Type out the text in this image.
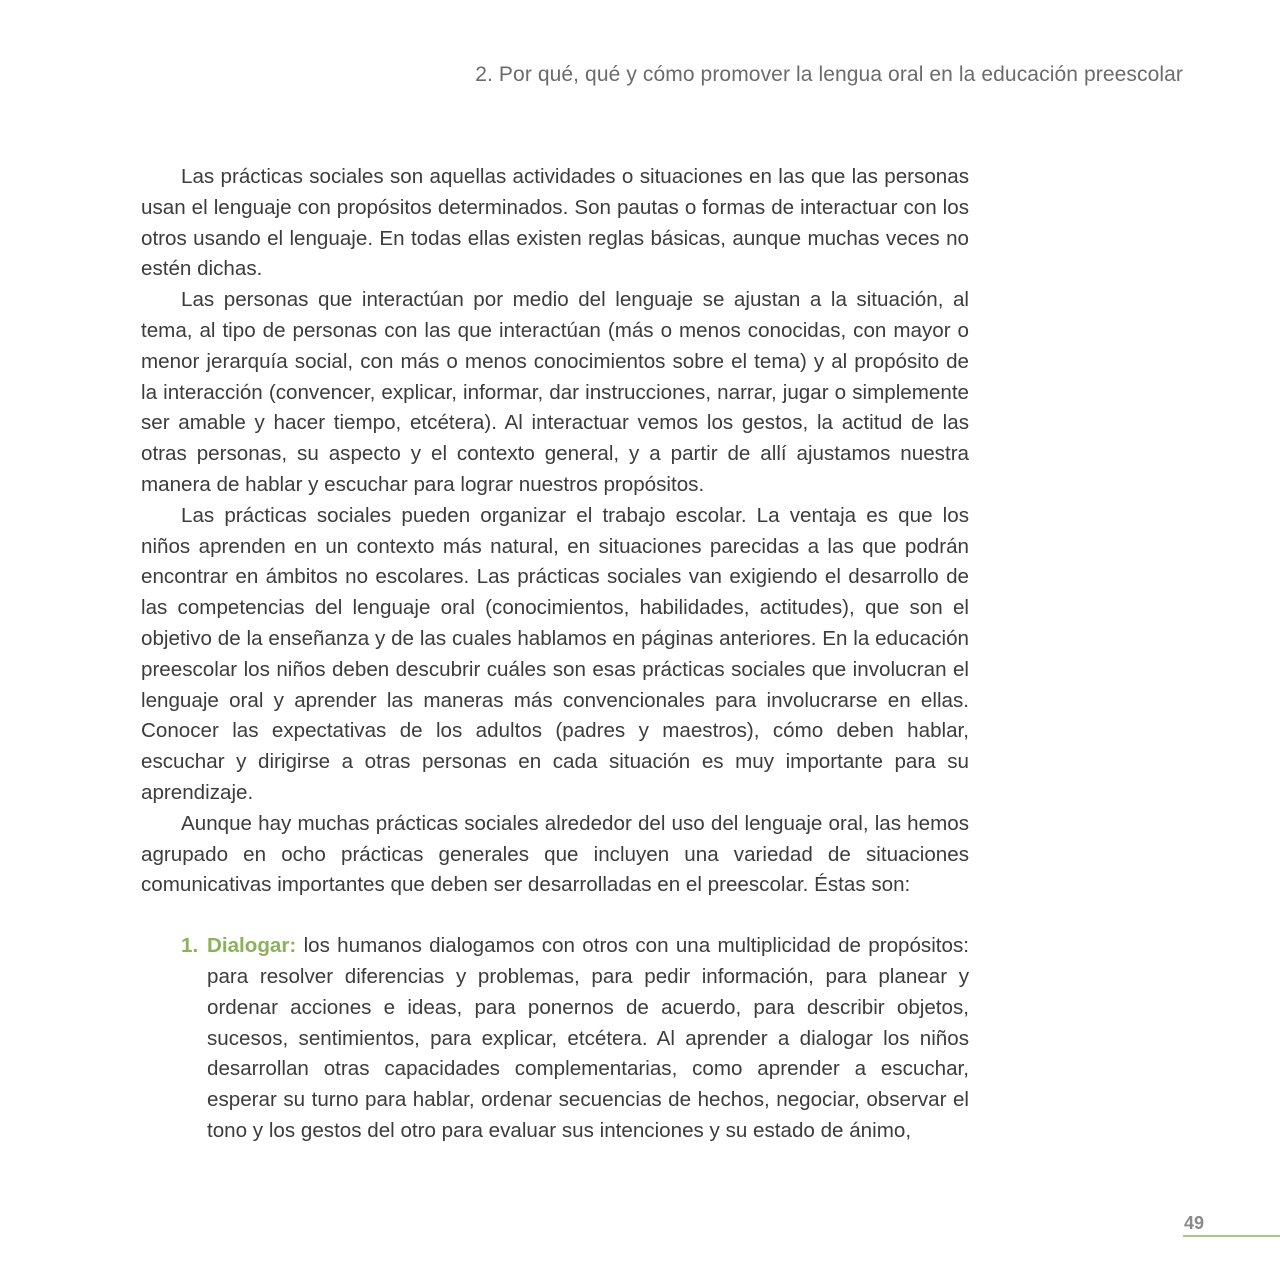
2. Por qué, qué y cómo promover la lengua oral en la educación preescolar

Las prácticas sociales son aquellas actividades o situaciones en las que las personas usan el lenguaje con propósitos determinados. Son pautas o formas de interactuar con los otros usando el lenguaje. En todas ellas existen reglas básicas, aunque muchas veces no estén dichas.

Las personas que interactúan por medio del lenguaje se ajustan a la situación, al tema, al tipo de personas con las que interactúan (más o menos conocidas, con mayor o menor jerarquía social, con más o menos conocimientos sobre el tema) y al propósito de la interacción (convencer, explicar, informar, dar instrucciones, narrar, jugar o simplemente ser amable y hacer tiempo, etcétera). Al interactuar vemos los gestos, la actitud de las otras personas, su aspecto y el contexto general, y a partir de allí ajustamos nuestra manera de hablar y escuchar para lograr nuestros propósitos.

Las prácticas sociales pueden organizar el trabajo escolar. La ventaja es que los niños aprenden en un contexto más natural, en situaciones parecidas a las que podrán encontrar en ámbitos no escolares. Las prácticas sociales van exigiendo el desarrollo de las competencias del lenguaje oral (conocimientos, habilidades, actitudes), que son el objetivo de la enseñanza y de las cuales hablamos en páginas anteriores. En la educación preescolar los niños deben descubrir cuáles son esas prácticas sociales que involucran el lenguaje oral y aprender las maneras más convencionales para involucrarse en ellas. Conocer las expectativas de los adultos (padres y maestros), cómo deben hablar, escuchar y dirigirse a otras personas en cada situación es muy importante para su aprendizaje.

Aunque hay muchas prácticas sociales alrededor del uso del lenguaje oral, las hemos agrupado en ocho prácticas generales que incluyen una variedad de situaciones comunicativas importantes que deben ser desarrolladas en el preescolar. Éstas son:

1. Dialogar: los humanos dialogamos con otros con una multiplicidad de propósitos: para resolver diferencias y problemas, para pedir información, para planear y ordenar acciones e ideas, para ponernos de acuerdo, para describir objetos, sucesos, sentimientos, para explicar, etcétera. Al aprender a dialogar los niños desarrollan otras capacidades complementarias, como aprender a escuchar, esperar su turno para hablar, ordenar secuencias de hechos, negociar, observar el tono y los gestos del otro para evaluar sus intenciones y su estado de ánimo,
49
